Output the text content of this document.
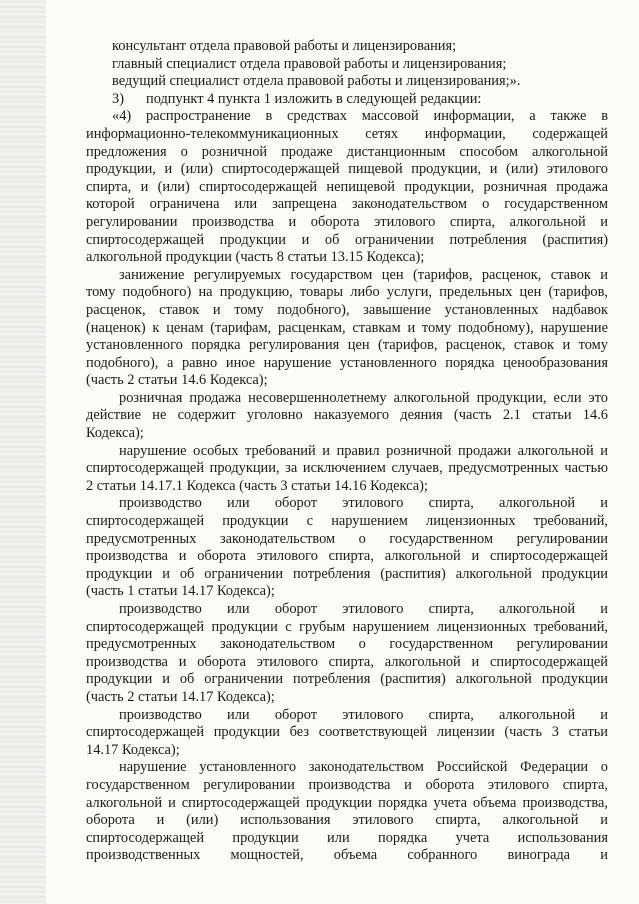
консультант отдела правовой работы и лицензирования;
главный специалист отдела правовой работы и лицензирования;
ведущий специалист отдела правовой работы и лицензирования;».
3) подпункт 4 пункта 1 изложить в следующей редакции:
«4) распространение в средствах массовой информации, а также в
информационно-телекоммуникационных сетях информации, содержащей
предложения о розничной продаже дистанционным способом алкогольной
продукции, и (или) спиртосодержащей пищевой продукции, и (или) этилового
спирта, и (или) спиртосодержащей непищевой продукции, розничная продажа
которой ограничена или запрещена законодательством о государственном
регулировании производства и оборота этилового спирта, алкогольной и
спиртосодержащей продукции и об ограничении потребления (распития)
алкогольной продукции (часть 8 статьи 13.15 Кодекса);
занижение регулируемых государством цен (тарифов, расценок, ставок и
тому подобного) на продукцию, товары либо услуги, предельных цен (тарифов,
расценок, ставок и тому подобного), завышение установленных надбавок
(наценок) к ценам (тарифам, расценкам, ставкам и тому подобному), нарушение
установленного порядка регулирования цен (тарифов, расценок, ставок и тому
подобного), а равно иное нарушение установленного порядка ценообразования
(часть 2 статьи 14.6 Кодекса);
розничная продажа несовершеннолетнему алкогольной продукции, если это
действие не содержит уголовно наказуемого деяния (часть 2.1 статьи 14.6
Кодекса);
нарушение особых требований и правил розничной продажи алкогольной и
спиртосодержащей продукции, за исключением случаев, предусмотренных частью
2 статьи 14.17.1 Кодекса (часть 3 статьи 14.16 Кодекса);
производство или оборот этилового спирта, алкогольной и
спиртосодержащей продукции с нарушением лицензионных требований,
предусмотренных законодательством о государственном регулировании
производства и оборота этилового спирта, алкогольной и спиртосодержащей
продукции и об ограничении потребления (распития) алкогольной продукции
(часть 1 статьи 14.17 Кодекса);
производство или оборот этилового спирта, алкогольной и
спиртосодержащей продукции с грубым нарушением лицензионных требований,
предусмотренных законодательством о государственном регулировании
производства и оборота этилового спирта, алкогольной и спиртосодержащей
продукции и об ограничении потребления (распития) алкогольной продукции
(часть 2 статьи 14.17 Кодекса);
производство или оборот этилового спирта, алкогольной и
спиртосодержащей продукции без соответствующей лицензии (часть 3 статьи
14.17 Кодекса);
нарушение установленного законодательством Российской Федерации о
государственном регулировании производства и оборота этилового спирта,
алкогольной и спиртосодержащей продукции порядка учета объема производства,
оборота и (или) использования этилового спирта, алкогольной и
спиртосодержащей продукции или порядка учета использования
производственных мощностей, объема собранного винограда и
